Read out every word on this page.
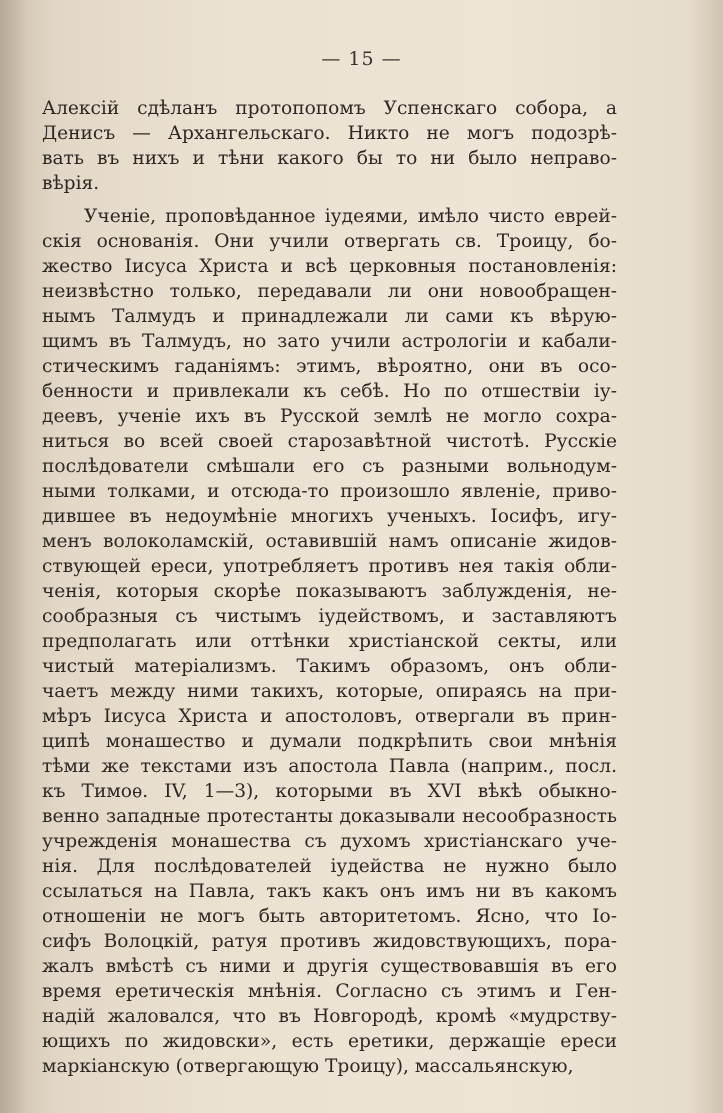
— 15 —
Алексій сдѣланъ протопопомъ Успенскаго собора, а
Денисъ — Архангельскаго. Никто не могъ подозрѣ-
вать въ нихъ и тѣни какого бы то ни было неправо-
вѣрія.
Ученіе, проповѣданное іудеями, имѣло чисто еврей-
скія основанія. Они учили отвергать св. Троицу, бо-
жество Іисуса Христа и всѣ церковныя постановленія:
неизвѣстно только, передавали ли они новообращен-
нымъ Талмудъ и принадлежали ли сами къ вѣрую-
щимъ въ Талмудъ, но зато учили астрологіи и кабали-
стическимъ гаданіямъ: этимъ, вѣроятно, они въ осо-
бенности и привлекали къ себѣ. Но по отшествіи іу-
деевъ, ученіе ихъ въ Русской землѣ не могло сохра-
ниться во всей своей старозавѣтной чистотѣ. Русскіе
послѣдователи смѣшали его съ разными вольнодум-
ными толками, и отсюда-то произошло явленіе, приво-
дившее въ недоумѣніе многихъ ученыхъ. Іосифъ, игу-
менъ волоколамскій, оставившій намъ описаніе жидов-
ствующей ереси, употребляетъ противъ нея такія обли-
ченія, которыя скорѣе показываютъ заблужденія, не-
сообразныя съ чистымъ іудействомъ, и заставляютъ
предполагать или оттѣнки христіанской секты, или
чистый матеріализмъ. Такимъ образомъ, онъ обли-
чаетъ между ними такихъ, которые, опираясь на при-
мѣръ Іисуса Христа и апостоловъ, отвергали въ прин-
ципѣ монашество и думали подкрѣпить свои мнѣнія
тѣми же текстами изъ апостола Павла (наприм., посл.
къ Тимоѳ. IV, 1—3), которыми въ XVI вѣкѣ обыкно-
венно западные протестанты доказывали несообразность
учрежденія монашества съ духомъ христіанскаго уче-
нія. Для послѣдователей іудейства не нужно было
ссылаться на Павла, такъ какъ онъ имъ ни въ какомъ
отношеніи не могъ быть авторитетомъ. Ясно, что Іо-
сифъ Волоцкій, ратуя противъ жидовствующихъ, пора-
жалъ вмѣстѣ съ ними и другія существовавшія въ его
время еретическія мнѣнія. Согласно съ этимъ и Ген-
надій жаловался, что въ Новгородѣ, кромѣ «мудрству-
ющихъ по жидовски», есть еретики, держащіе ереси
маркіанскую (отвергающую Троицу), массальянскую,
